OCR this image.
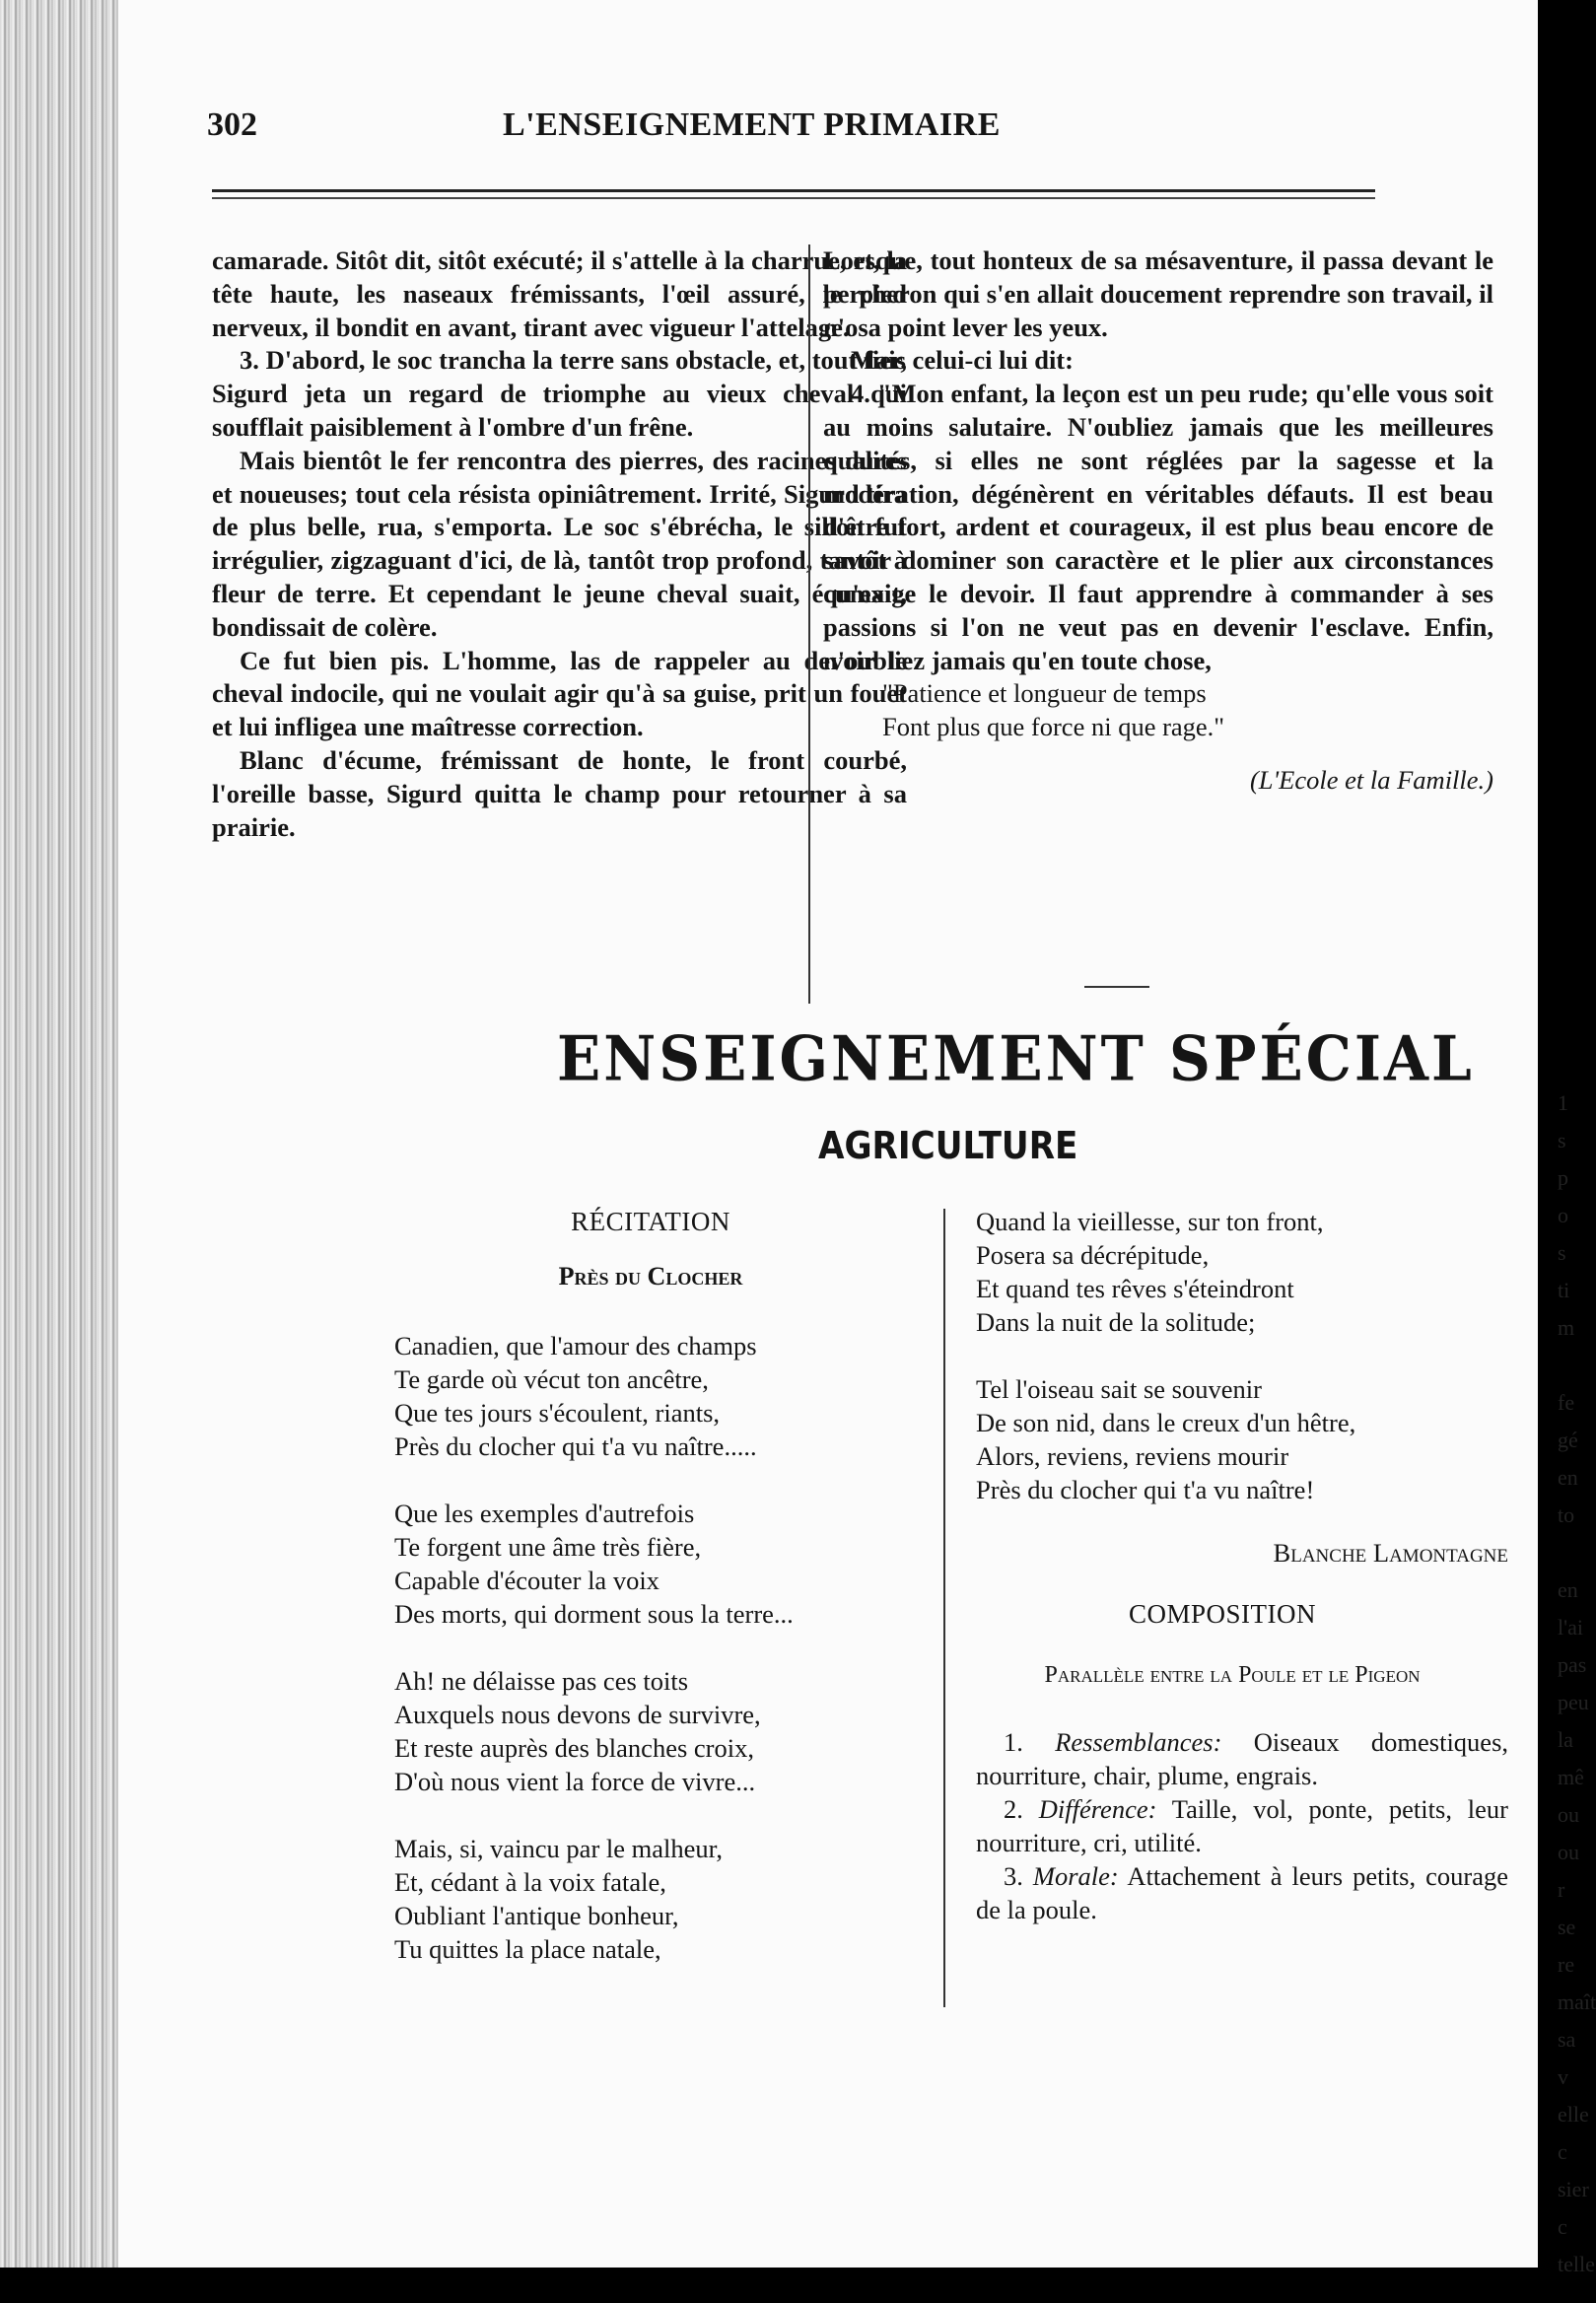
302	L'ENSEIGNEMENT PRIMAIRE

camarade. Sitôt dit, sitôt exécuté; il s'attelle à la charrue, et, la tête haute, les naseaux frémissants, l'œil assuré, le pied nerveux, il bondit en avant, tirant avec vigueur l'attelage.

3. D'abord, le soc trancha la terre sans obstacle, et, tout fier, Sigurd jeta un regard de triomphe au vieux cheval qui soufflait paisiblement à l'ombre d'un frêne.

Mais bientôt le fer rencontra des pierres, des racines dures et noueuses; tout cela résista opiniâtrement. Irrité, Sigurd tira de plus belle, rua, s'emporta. Le soc s'ébrécha, le sillon fut irrégulier, zigzaguant d'ici, de là, tantôt trop profond, tantôt à fleur de terre. Et cependant le jeune cheval suait, écumait, bondissait de colère.

Ce fut bien pis. L'homme, las de rappeler au devoir le cheval indocile, qui ne voulait agir qu'à sa guise, prit un fouet et lui infligea une maîtresse correction.

Blanc d'écume, frémissant de honte, le front courbé, l'oreille basse, Sigurd quitta le champ pour retourner à sa prairie.

Lorsque, tout honteux de sa mésaventure, il passa devant le percheron qui s'en allait doucement reprendre son travail, il n'osa point lever les yeux.

Mais celui-ci lui dit:

4. "Mon enfant, la leçon est un peu rude; qu'elle vous soit au moins salutaire. N'oubliez jamais que les meilleures qualités, si elles ne sont réglées par la sagesse et la modération, dégénèrent en véritables défauts. Il est beau d'être fort, ardent et courageux, il est plus beau encore de savoir dominer son caractère et le plier aux circonstances qu'exige le devoir. Il faut apprendre à commander à ses passions si l'on ne veut pas en devenir l'esclave. Enfin, n'oubliez jamais qu'en toute chose,

"Patience et longueur de temps

Font plus que force ni que rage."

(L'Ecole et la Famille.)

ENSEIGNEMENT SPÉCIAL
AGRICULTURE
RÉCITATION
Près du Clocher
Canadien, que l'amour des champs
Te garde où vécut ton ancêtre,
Que tes jours s'écoulent, riants,
Près du clocher qui t'a vu naître.....
Que les exemples d'autrefois
Te forgent une âme très fière,
Capable d'écouter la voix
Des morts, qui dorment sous la terre...
Ah! ne délaisse pas ces toits
Auxquels nous devons de survivre,
Et reste auprès des blanches croix,
D'où nous vient la force de vivre...
Mais, si, vaincu par le malheur,
Et, cédant à la voix fatale,
Oubliant l'antique bonheur,
Tu quittes la place natale,
Quand la vieillesse, sur ton front,
Posera sa décrépitude,
Et quand tes rêves s'éteindront
Dans la nuit de la solitude;
Tel l'oiseau sait se souvenir
De son nid, dans le creux d'un hêtre,
Alors, reviens, reviens mourir
Près du clocher qui t'a vu naître!
Blanche Lamontagne
COMPOSITION
Parallèle entre la Poule et le Pigeon

1. Ressemblances: Oiseaux domestiques, nourriture, chair, plume, engrais.

2. Différence: Taille, vol, ponte, petits, leur nourriture, cri, utilité.

3. Morale: Attachement à leurs petits, courage de la poule.

1
s
p
o
s
ti
m

fe
gé
en
to

en
l'ai
pas
peu
la
mê
ou
ou r
se re
maît
sa v
elle c
sier c
telle
